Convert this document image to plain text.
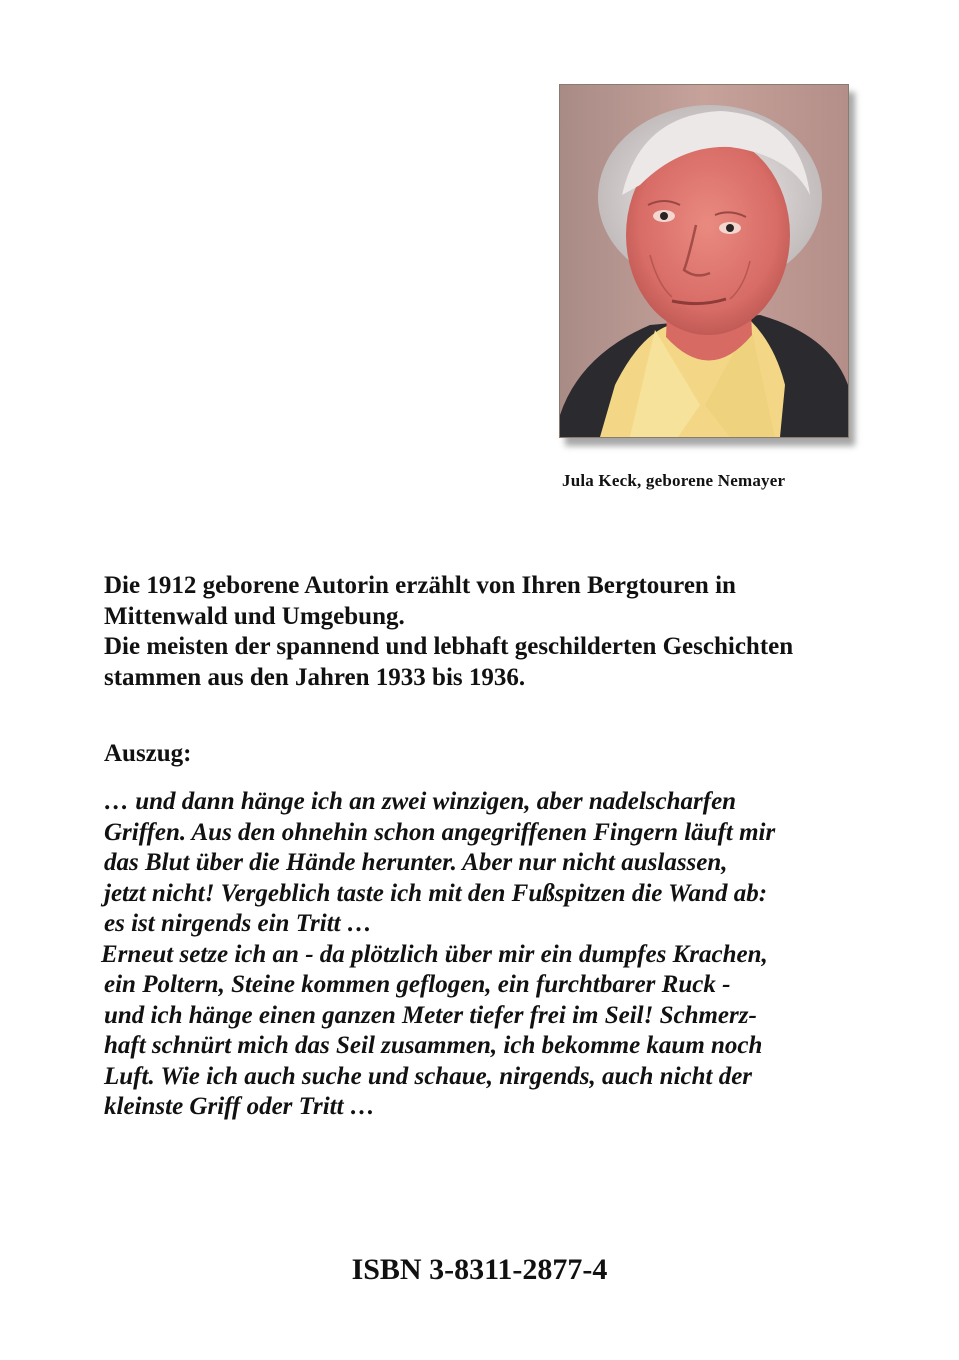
Jula Keck, geborene Nemayer

Die 1912 geborene Autorin erzählt von Ihren Bergtouren in

Mittenwald und Umgebung.

Die meisten der spannend und lebhaft geschilderten Geschichten

stammen aus den Jahren 1933 bis 1936.

Auszug:
… und dann hänge ich an zwei winzigen, aber nadelscharfen
Griffen. Aus den ohnehin schon angegriffenen Fingern läuft mir
das Blut über die Hände herunter. Aber nur nicht auslassen,
jetzt nicht! Vergeblich taste ich mit den Fußspitzen die Wand ab:
es ist nirgends ein Tritt …
Erneut setze ich an - da plötzlich über mir ein dumpfes Krachen,
ein Poltern, Steine kommen geflogen, ein furchtbarer Ruck -
und ich hänge einen ganzen Meter tiefer frei im Seil! Schmerz-
haft schnürt mich das Seil zusammen, ich bekomme kaum noch
Luft. Wie ich auch suche und schaue, nirgends, auch nicht der
kleinste Griff oder Tritt …
ISBN 3-8311-2877-4
